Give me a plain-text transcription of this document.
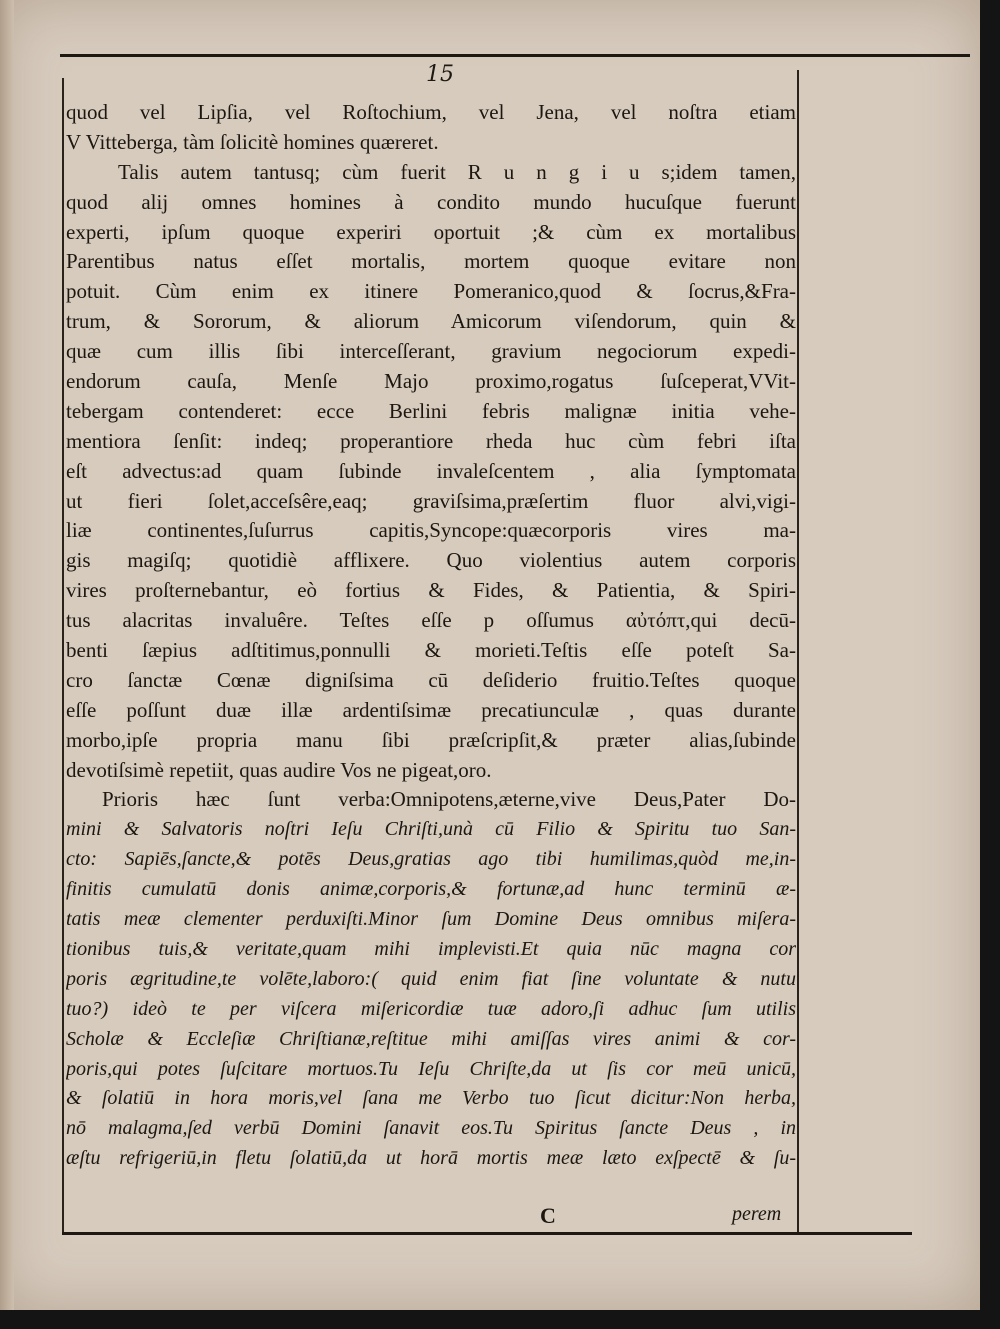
15
quod vel Lipſia, vel Roſtochium, vel Jena, vel noſtra etiam
V Vitteberga, tàm ſolicitè homines quæreret.
Talis autem tantusq; cùm fuerit R u n g i u s;idem tamen,
quod alij omnes homines à condito mundo hucuſque fuerunt
experti, ipſum quoque experiri oportuit ;& cùm ex mortalibus
Parentibus natus eſſet mortalis, mortem quoque evitare non
potuit. Cùm enim ex itinere Pomeranico,quod & ſocrus,&Fra-
trum, & Sororum, & aliorum Amicorum viſendorum, quin &
quæ cum illis ſibi interceſſerant, gravium negociorum expedi-
endorum cauſa, Menſe Majo proximo,rogatus ſuſceperat,VVit-
tebergam contenderet: ecce Berlini febris malignæ initia vehe-
mentiora ſenſit: indeq; properantiore rheda huc cùm febri iſta
eſt advectus:ad quam ſubinde invaleſcentem , alia ſymptomata
ut fieri ſolet,acceſsêre,eaq; graviſsima,præſertim fluor alvi,vigi-
liæ continentes,ſuſurrus capitis,Syncope:quæcorporis vires ma-
gis magiſq; quotidiè afflixere. Quo violentius autem corporis
vires proſternebantur, eò fortius & Fides, & Patientia, & Spiri-
tus alacritas invaluêre. Teſtes eſſe p oſſumus αὐτόπτ,qui decū-
benti ſæpius adſtitimus,ponnulli & morieti.Teſtis eſſe poteſt Sa-
cro ſanctæ Cœnæ digniſsima cū deſiderio fruitio.Teſtes quoque
eſſe poſſunt duæ illæ ardentiſsimæ precatiunculæ , quas durante
morbo,ipſe propria manu ſibi præſcripſit,& præter alias,ſubinde
devotiſsimè repetiit, quas audire Vos ne pigeat,oro.
Prioris hæc ſunt verba:Omnipotens,æterne,vive Deus,Pater Do-
mini & Salvatoris noſtri Ieſu Chriſti,unà cū Filio & Spiritu tuo San-
cto: Sapiēs,ſancte,& potēs Deus,gratias ago tibi humilimas,quòd me,in-
finitis cumulatū donis animæ,corporis,& fortunæ,ad hunc terminū æ-
tatis meæ clementer perduxiſti.Minor ſum Domine Deus omnibus miſera-
tionibus tuis,& veritate,quam mihi implevisti.Et quia nūc magna cor
poris ægritudine,te volēte,laboro:( quid enim fiat ſine voluntate & nutu
tuo?) ideò te per viſcera miſericordiæ tuæ adoro,ſi adhuc ſum utilis
Scholæ & Eccleſiæ Chriſtianæ,reſtitue mihi amiſſas vires animi & cor-
poris,qui potes ſuſcitare mortuos.Tu Ieſu Chriſte,da ut ſis cor meū unicū,
& ſolatiū in hora moris,vel ſana me Verbo tuo ſicut dicitur:Non herba,
nō malagma,ſed verbū Domini ſanavit eos.Tu Spiritus ſancte Deus , in
æſtu refrigeriū,in fletu ſolatiū,da ut horā mortis meæ læto exſpectē & ſu-
C	perem
